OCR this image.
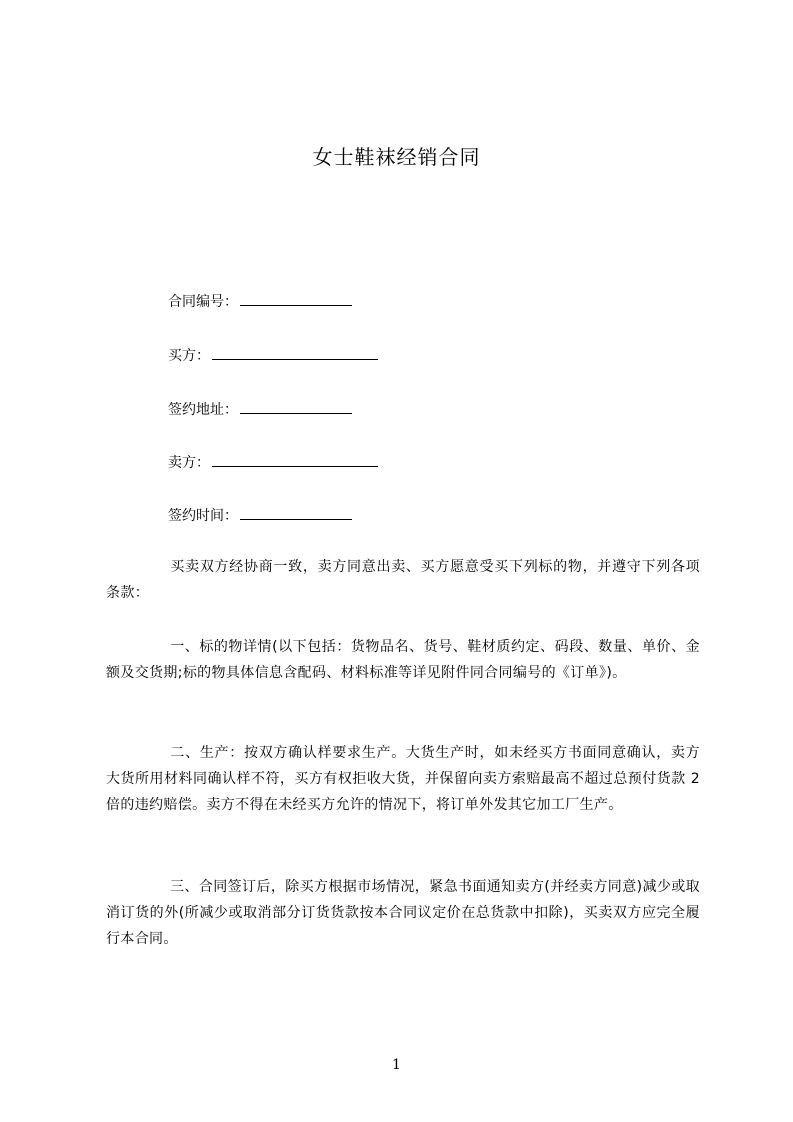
女士鞋袜经销合同
合同编号：
买方：
签约地址：
卖方：
签约时间：

买卖双方经协商一致，卖方同意出卖、买方愿意受买下列标的物，并遵守下列各项条款：

一、标的物详情(以下包括：货物品名、货号、鞋材质约定、码段、数量、单价、金额及交货期;标的物具体信息含配码、材料标准等详见附件同合同编号的《订单》)。

二、生产：按双方确认样要求生产。大货生产时，如未经买方书面同意确认，卖方大货所用材料同确认样不符，买方有权拒收大货，并保留向卖方索赔最高不超过总预付货款 2 倍的违约赔偿。卖方不得在未经买方允许的情况下，将订单外发其它加工厂生产。

三、合同签订后，除买方根据市场情况，紧急书面通知卖方(并经卖方同意)减少或取消订货的外(所减少或取消部分订货货款按本合同议定价在总货款中扣除)，买卖双方应完全履行本合同。

1
